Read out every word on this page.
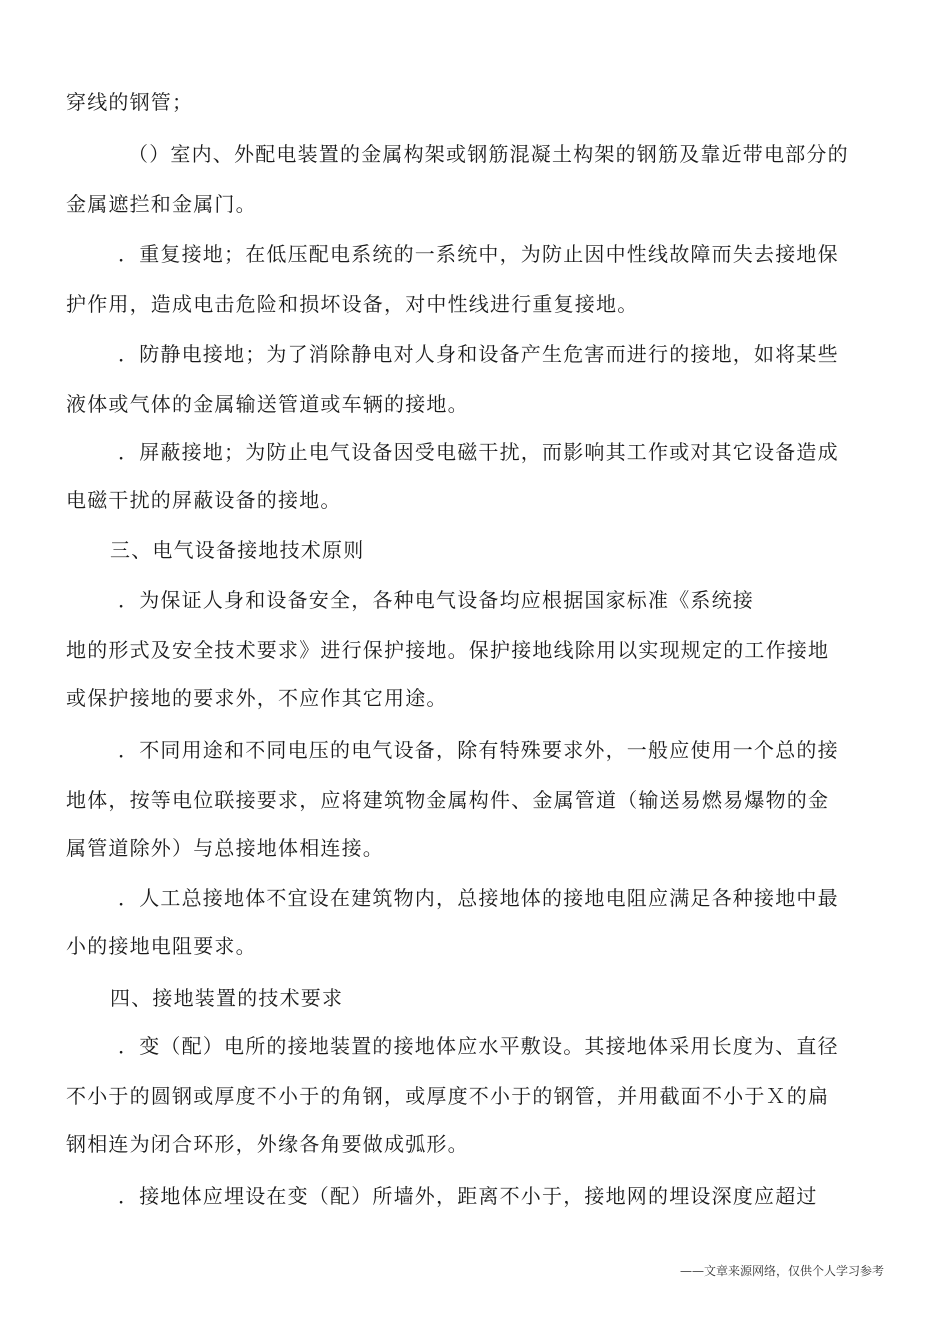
穿线的钢管；
（）室内、外配电装置的金属构架或钢筋混凝土构架的钢筋及靠近带电部分的
金属遮拦和金属门。
．重复接地；在低压配电系统的一系统中，为防止因中性线故障而失去接地保
护作用，造成电击危险和损坏设备，对中性线进行重复接地。
．防静电接地；为了消除静电对人身和设备产生危害而进行的接地，如将某些
液体或气体的金属输送管道或车辆的接地。
．屏蔽接地；为防止电气设备因受电磁干扰，而影响其工作或对其它设备造成
电磁干扰的屏蔽设备的接地。
三、电气设备接地技术原则
．为保证人身和设备安全，各种电气设备均应根据国家标准《系统接
地的形式及安全技术要求》进行保护接地。保护接地线除用以实现规定的工作接地
或保护接地的要求外，不应作其它用途。
．不同用途和不同电压的电气设备，除有特殊要求外，一般应使用一个总的接
地体，按等电位联接要求，应将建筑物金属构件、金属管道（输送易燃易爆物的金
属管道除外）与总接地体相连接。
．人工总接地体不宜设在建筑物内，总接地体的接地电阻应满足各种接地中最
小的接地电阻要求。
四、接地装置的技术要求
．变（配）电所的接地装置的接地体应水平敷设。其接地体采用长度为、直径
不小于的圆钢或厚度不小于的角钢，或厚度不小于的钢管，并用截面不小于Ｘ的扁
钢相连为闭合环形，外缘各角要做成弧形。
．接地体应埋设在变（配）所墙外，距离不小于，接地网的埋设深度应超过
——文章来源网络，仅供个人学习参考
